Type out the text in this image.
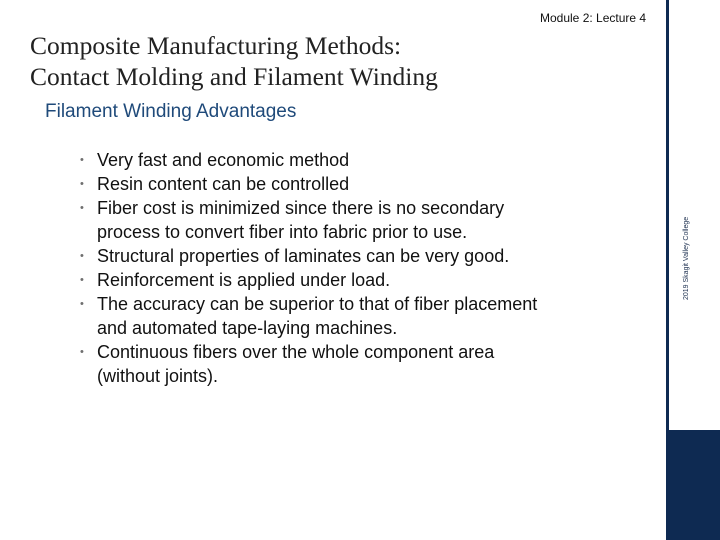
Module 2: Lecture 4
Composite Manufacturing Methods:
Contact Molding and Filament Winding
Filament Winding Advantages
• Very fast and economic method
• Resin content can be controlled
• Fiber cost is minimized since there is no secondary
process to convert fiber into fabric prior to use.
• Structural properties of laminates can be very good.
• Reinforcement is applied under load.
• The accuracy can be superior to that of fiber placement
and automated tape-laying machines.
• Continuous fibers over the whole component area
(without joints).
2019 Skagit Valley College
